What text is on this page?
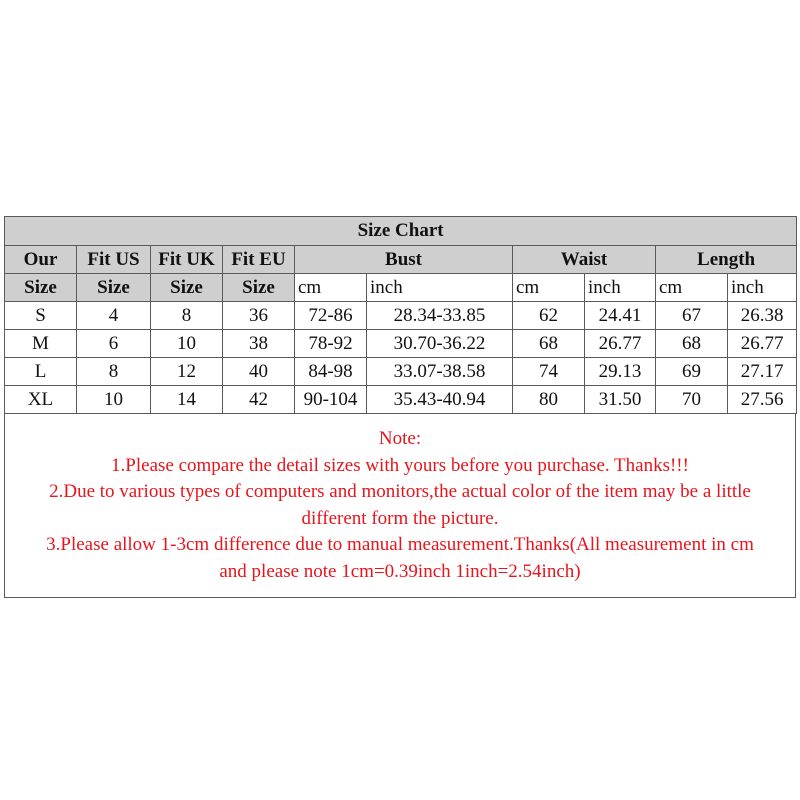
Size Chart									
Our	Fit US	Fit UK	Fit EU	Bust		Waist		Length	
Size	Size	Size	Size	cm	inch	cm	inch	cm	inch
S	4	8	36	72-86	28.34-33.85	62	24.41	67	26.38
M	6	10	38	78-92	30.70-36.22	68	26.77	68	26.77
L	8	12	40	84-98	33.07-38.58	74	29.13	69	27.17
XL	10	14	42	90-104	35.43-40.94	80	31.50	70	27.56
Note:
1.Please compare the detail sizes with yours before you purchase. Thanks!!!
2.Due to various types of computers and monitors,the actual color of the item may be a little
different form the picture.
3.Please allow 1-3cm difference due to manual measurement.Thanks(All measurement in cm
and please note 1cm=0.39inch 1inch=2.54inch)
